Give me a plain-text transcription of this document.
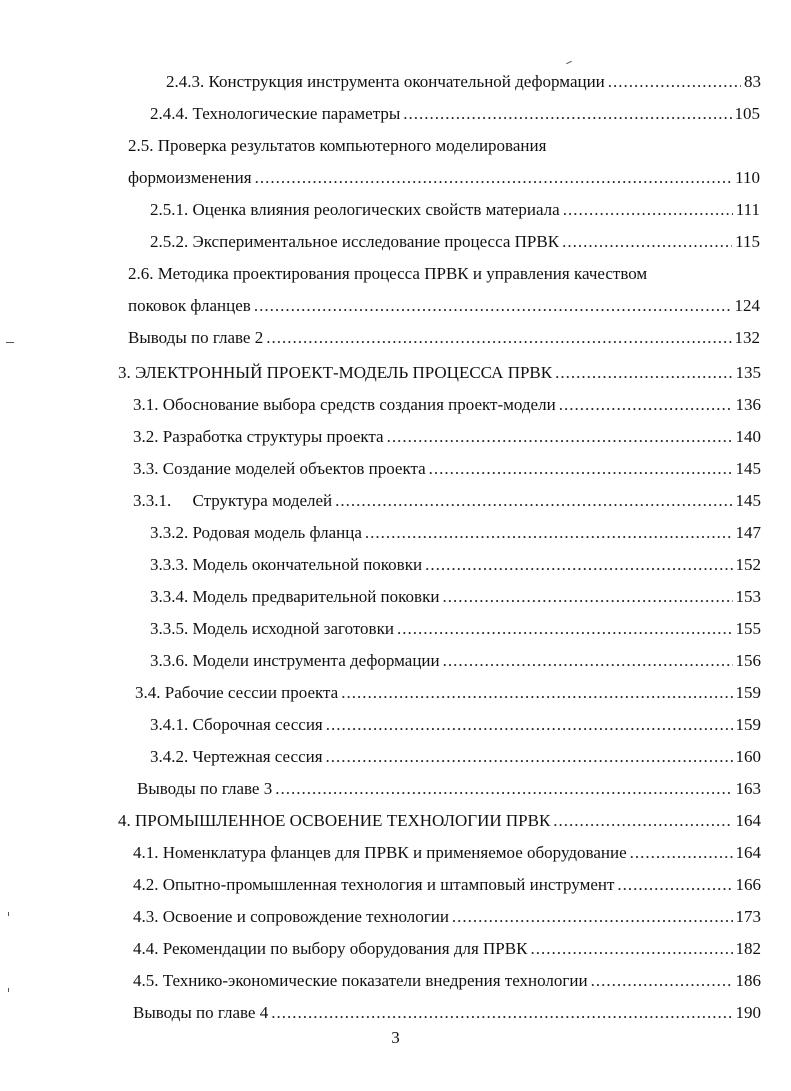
2.4.3. Конструкция инструмента окончательной деформации .....	83
2.4.4. Технологические параметры .....	105
2.5. Проверка результатов компьютерного моделирования
формоизменения .....	110
2.5.1. Оценка влияния реологических свойств материала .....	111
2.5.2. Экспериментальное исследование процесса ПРВК .....	115
2.6. Методика проектирования процесса ПРВК и управления качеством
поковок фланцев .....	124
Выводы по главе 2 .....	132
3. ЭЛЕКТРОННЫЙ ПРОЕКТ-МОДЕЛЬ ПРОЦЕССА ПРВК .....	135
3.1. Обоснование выбора средств создания проект-модели .....	136
3.2. Разработка структуры проекта .....	140
3.3. Создание моделей объектов проекта .....	145
3.3.1.     Структура моделей .....	145
3.3.2. Родовая модель фланца .....	147
3.3.3. Модель окончательной поковки .....	152
3.3.4. Модель предварительной поковки .....	153
3.3.5. Модель исходной заготовки .....	155
3.3.6. Модели инструмента деформации .....	156
3.4. Рабочие сессии проекта .....	159
3.4.1. Сборочная сессия .....	159
3.4.2. Чертежная сессия .....	160
Выводы по главе 3 .....	163
4. ПРОМЫШЛЕННОЕ ОСВОЕНИЕ ТЕХНОЛОГИИ ПРВК .....	164
4.1. Номенклатура фланцев для ПРВК и применяемое оборудование .....	164
4.2. Опытно-промышленная технология и штамповый инструмент .....	166
4.3. Освоение и сопровождение технологии .....	173
4.4. Рекомендации по выбору оборудования для ПРВК .....	182
4.5. Технико-экономические показатели внедрения технологии .....	186
Выводы по главе 4 .....	190
3
